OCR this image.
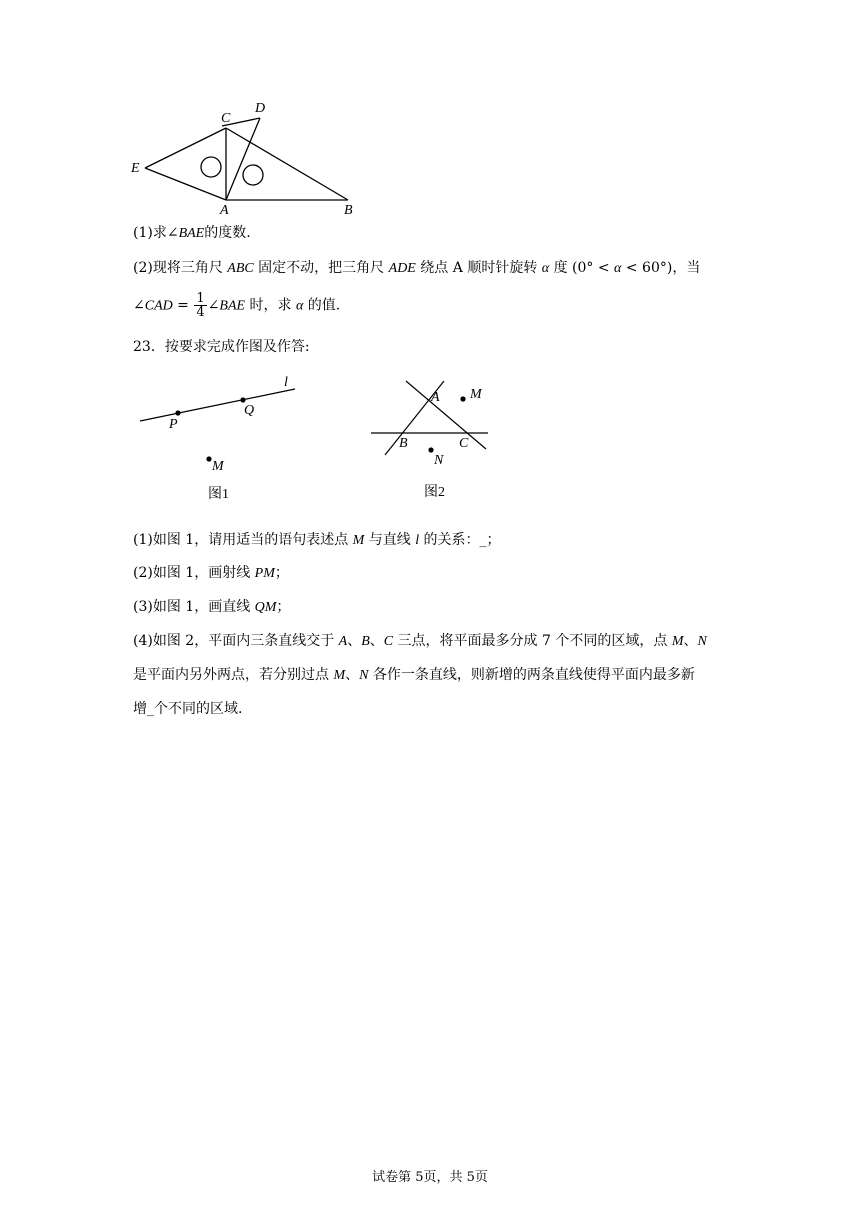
E
C
D
A	B
(1)求∠BAE的度数.
(2)现将三角尺 ABC 固定不动，把三角尺 ADE 绕点 A 顺时针旋转 α 度 (0° < α < 60°)，当
∠CAD = $\frac{1}{4}$ ∠BAE 时，求 α 的值.
23．按要求完成作图及作答:
l
P
Q
M
图1
A M
B	C
N
图2
(1)如图 1，请用适当的语句表述点 M 与直线 l 的关系：_；
(2)如图 1，画射线 PM；
(3)如图 1，画直线 QM；
(4)如图 2，平面内三条直线交于 A、B、C 三点，将平面最多分成 7 个不同的区域，点 M、N
是平面内另外两点，若分别过点 M、N 各作一条直线，则新增的两条直线使得平面内最多新
增_个不同的区域.
试卷第 5页，共 5页
